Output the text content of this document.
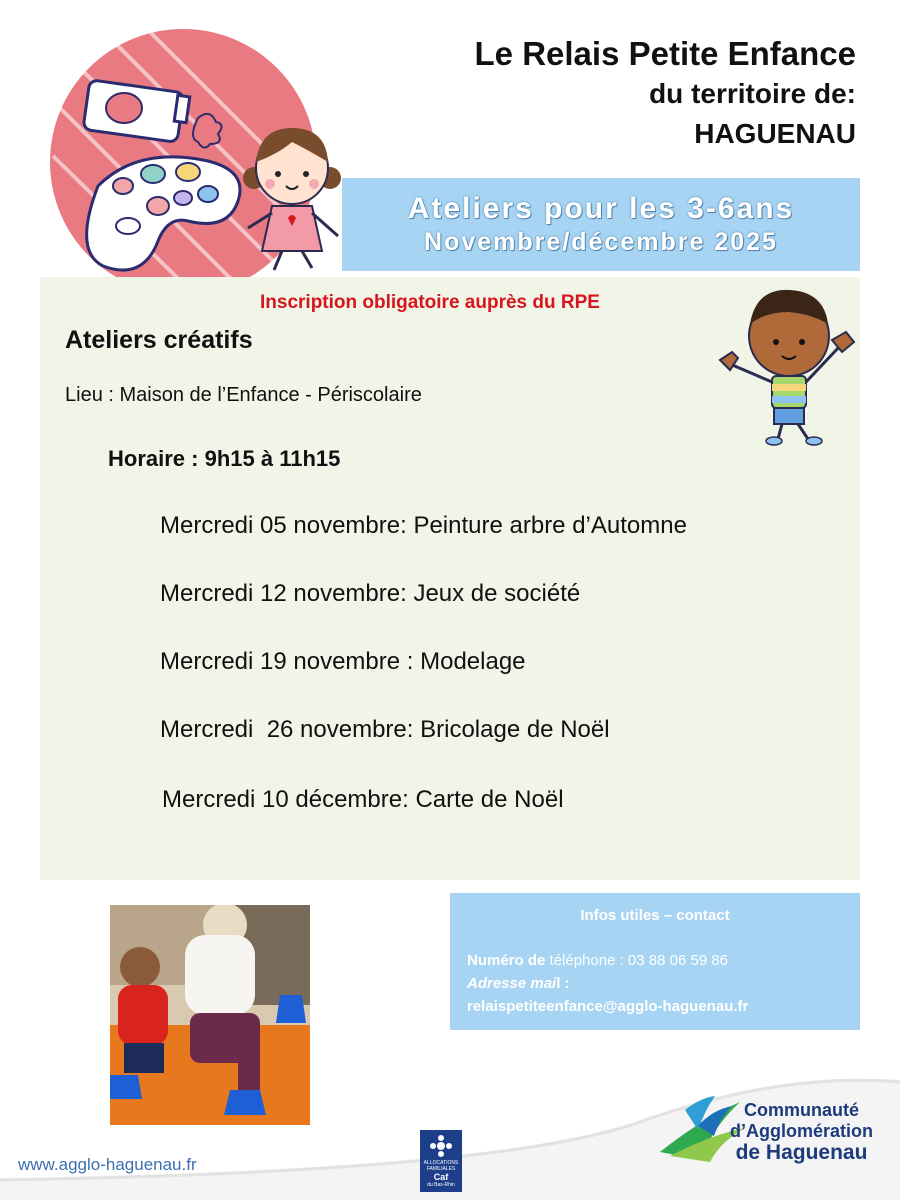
Le Relais Petite Enfance
du territoire de:
HAGUENAU
Ateliers pour les 3-6ans
Novembre/décembre 2025
Inscription obligatoire auprès du RPE
Ateliers créatifs
Lieu : Maison de l’Enfance - Périscolaire
Horaire : 9h15 à 11h15
Mercredi 05 novembre: Peinture arbre d’Automne
Mercredi 12 novembre: Jeux de société
Mercredi 19 novembre : Modelage
Mercredi  26 novembre: Bricolage de Noël
Mercredi 10 décembre: Carte de Noël
Infos utiles – contact
Numéro de téléphone : 03 88 06 59 86
Adresse mail :
relaispetiteenfance@agglo-haguenau.fr
www.agglo-haguenau.fr	ALLOCATIONS FAMILIALES
Caf
du Bas-Rhin
Communauté
d’Agglomération
de Haguenau
